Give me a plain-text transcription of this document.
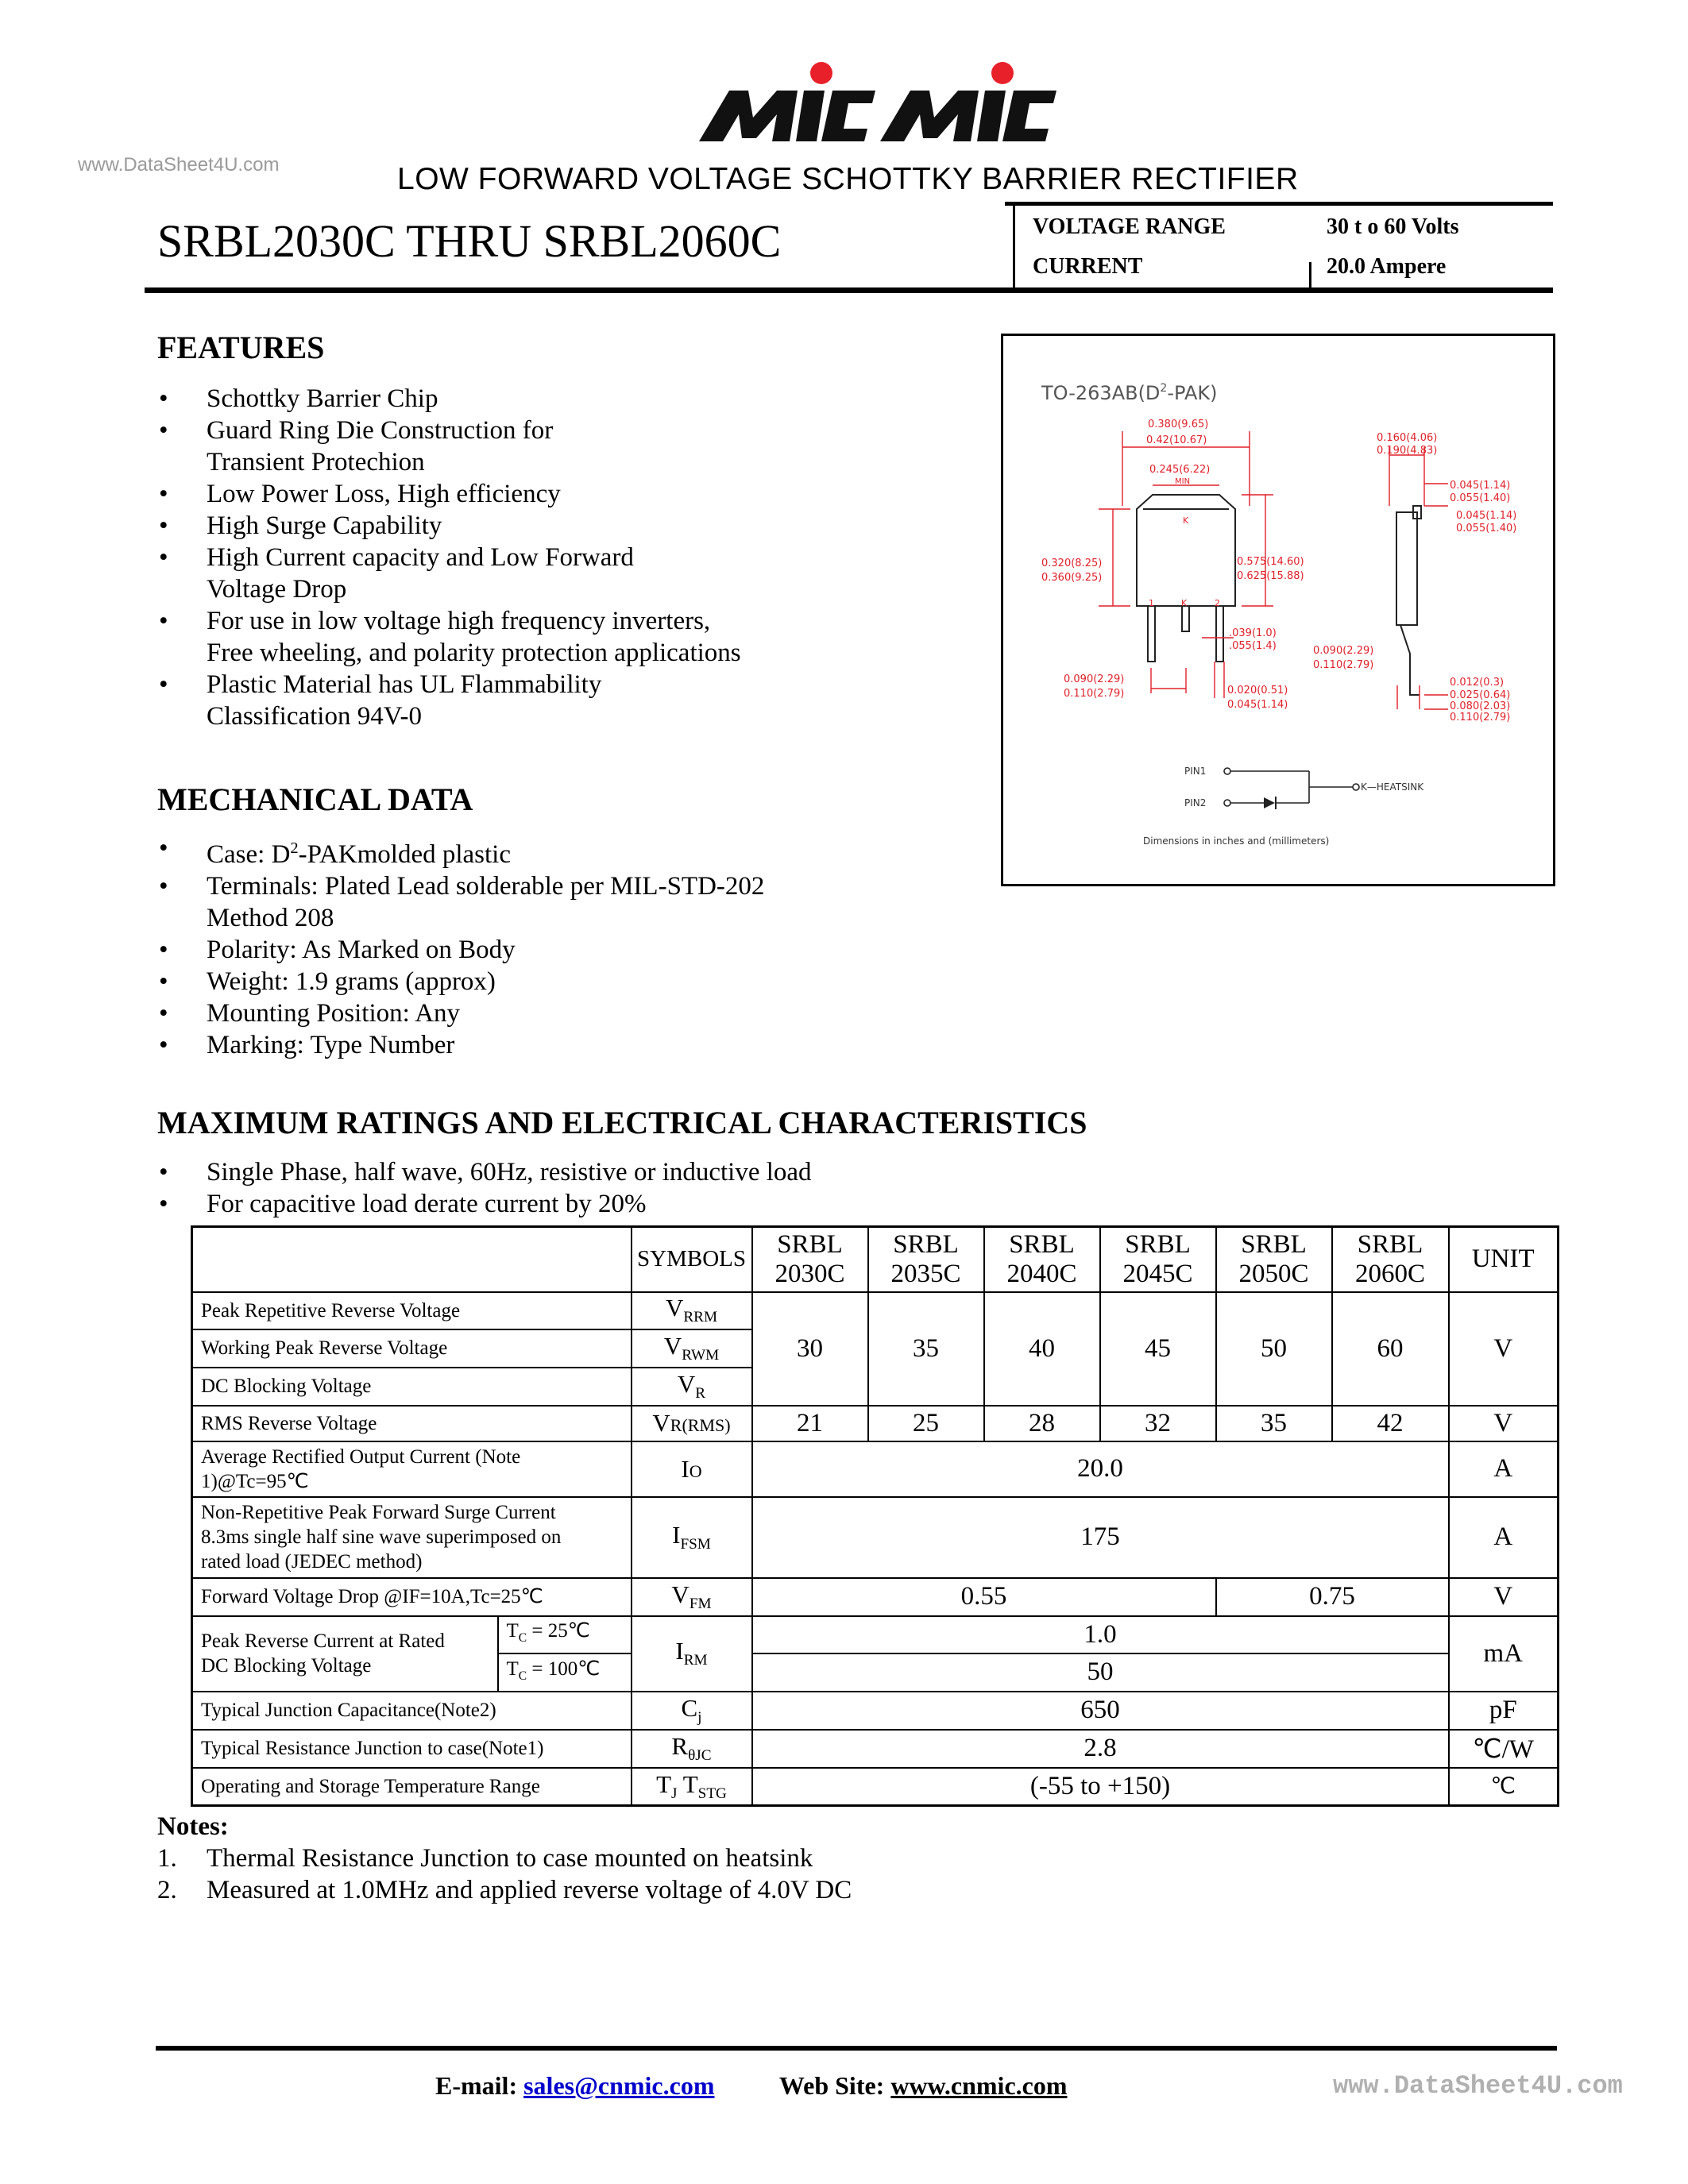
www.DataSheet4U.com	LOW FORWARD VOLTAGE SCHOTTKY BARRIER RECTIFIER
SRBL2030C THRU SRBL2060C	VOLTAGE RANGE	30 t o 60 Volts
CURRENT	20.0 Ampere
FEATURES
• Schottky Barrier Chip
• Guard Ring Die Construction for
Transient Protechion
• Low Power Loss, High efficiency
• High Surge Capability
• High Current capacity and Low Forward
Voltage Drop
• For use in low voltage high frequency inverters,
Free wheeling, and polarity protection applications
• Plastic Material has UL Flammability
Classification 94V-0
MECHANICAL DATA
• Case: $D^2$-PAKmolded plastic
• Terminals: Plated Lead solderable per MIL-STD-202
Method 208
• Polarity: As Marked on Body
• Weight: 1.9 grams (approx)
• Mounting Position: Any
• Marking: Type Number
$TO-263AB(D^2-PAK)$
0.380(9.65)
0.42(10.67)
0.245(6.22)
MIN
K
0.320(8.25)
0.360(9.25)
0.575(14.60)
0.625(15.88)
1	K	2
.039(1.0)
.055(1.4)
0.090(2.29)
0.110(2.79)	0.020(0.51)
0.045(1.14)
0.160(4.06)
0.190(4.83)
0.045(1.14)
0.055(1.40)
0.045(1.14)
0.055(1.40)
0.090(2.29)
0.110(2.79)
0.012(0.3)
0.025(0.64)
0.080(2.03)
0.110(2.79)
PIN1
PIN2
K—HEATSINK
Dimensions in inches and (millimeters)
MAXIMUM RATINGS AND ELECTRICAL CHARACTERISTICS
• Single Phase, half wave, 60Hz, resistive or inductive load
• For capacitive load derate current by 20%
		SYMBOLS	SRBL
2030C	SRBL
2035C	SRBL
2040C	SRBL
2045C	SRBL
2050C	SRBL
2060C	UNIT
Peak Repetitive Reverse Voltage		$V_{RRM}$	30	35	40	45	50	60	V
Working Peak Reverse Voltage		$V_{RWM}$
DC Blocking Voltage		$V_R$
RMS Reverse Voltage		VR(RMS)	21	25	28	32	35	42	V
Average Rectified Output Current (Note
1)@Tc=95℃		IO	20.0						A
Non-Repetitive Peak Forward Surge Current
8.3ms single half sine wave superimposed on
rated load (JEDEC method)		$I_{FSM}$	175						A
Forward Voltage Drop @IF=10A,Tc=25℃		$V_{FM}$	0.55				0.75		V
Peak Reverse Current at Rated
DC Blocking Voltage	$T_C$ = 25℃	$I_{RM}$	1.0						mA
	$T_C$ = 100℃		50						
Typical Junction Capacitance(Note2)		$C_j$	650						pF
Typical Resistance Junction to case(Note1)		$R_{\theta JC}$	2.8						℃/W
Operating and Storage Temperature Range		$T_J$ $T_{STG}$	(-55 to +150)						℃
Notes:
1. Thermal Resistance Junction to case mounted on heatsink
2. Measured at 1.0MHz and applied reverse voltage of 4.0V DC
E-mail: sales@cnmic.com	Web Site: www.cnmic.com	www.DataSheet4U.com
